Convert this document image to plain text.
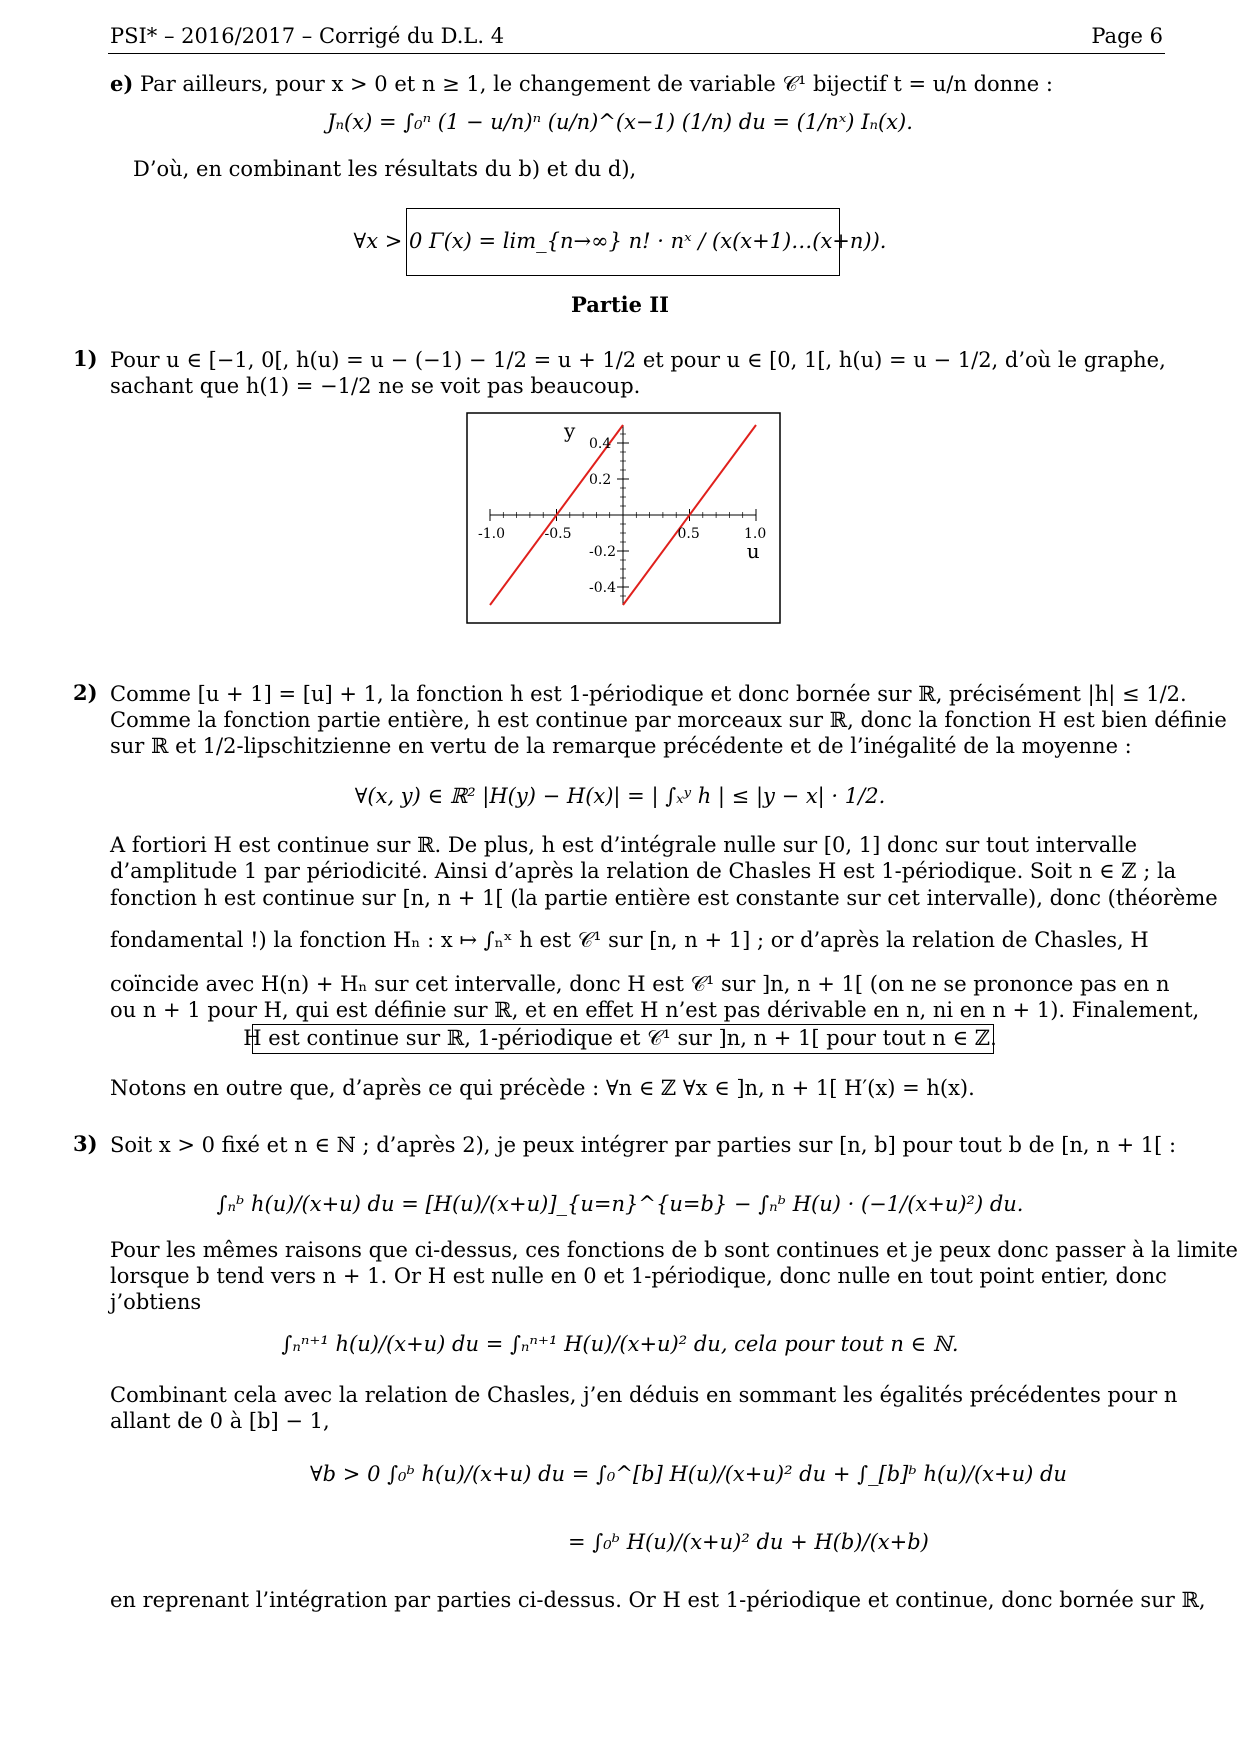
PSI* – 2016/2017 – Corrigé du D.L. 4	Page 6
e) Par ailleurs, pour x > 0 et n ≥ 1, le changement de variable 𝒞¹ bijectif t = u/n donne :
Jₙ(x) = ∫₀ⁿ (1 − u/n)ⁿ (u/n)^(x−1) (1/n) du = (1/nˣ) Iₙ(x).
D’où, en combinant les résultats du b) et du d),
∀x > 0 Γ(x) = lim_{n→∞} n! · nˣ / (x(x+1)…(x+n)).
Partie II
1) Pour u ∈ [−1, 0[, h(u) = u − (−1) − 1/2 = u + 1/2 et pour u ∈ [0, 1[, h(u) = u − 1/2, d’où le graphe,
sachant que h(1) = −1/2 ne se voit pas beaucoup.
-1.0	-0.5	0.5	1.0
0.4
0.2
-0.2
-0.4
u
y
2) Comme [u + 1] = [u] + 1, la fonction h est 1-périodique et donc bornée sur ℝ, précisément |h| ≤ 1/2.
Comme la fonction partie entière, h est continue par morceaux sur ℝ, donc la fonction H est bien définie
sur ℝ et 1/2-lipschitzienne en vertu de la remarque précédente et de l’inégalité de la moyenne :
∀(x, y) ∈ ℝ² |H(y) − H(x)| = | ∫ₓʸ h | ≤ |y − x| · 1/2.
A fortiori H est continue sur ℝ. De plus, h est d’intégrale nulle sur [0, 1] donc sur tout intervalle
d’amplitude 1 par périodicité. Ainsi d’après la relation de Chasles H est 1-périodique. Soit n ∈ ℤ ; la
fonction h est continue sur [n, n + 1[ (la partie entière est constante sur cet intervalle), donc (théorème
fondamental !) la fonction Hₙ : x ↦ ∫ₙˣ h est 𝒞¹ sur [n, n + 1] ; or d’après la relation de Chasles, H
coïncide avec H(n) + Hₙ sur cet intervalle, donc H est 𝒞¹ sur ]n, n + 1[ (on ne se prononce pas en n
ou n + 1 pour H, qui est définie sur ℝ, et en effet H n’est pas dérivable en n, ni en n + 1). Finalement,
H est continue sur ℝ, 1-périodique et 𝒞¹ sur ]n, n + 1[ pour tout n ∈ ℤ.
Notons en outre que, d’après ce qui précède : ∀n ∈ ℤ ∀x ∈ ]n, n + 1[ H′(x) = h(x).
3) Soit x > 0 fixé et n ∈ ℕ ; d’après 2), je peux intégrer par parties sur [n, b] pour tout b de [n, n + 1[ :
∫ₙᵇ h(u)/(x+u) du = [H(u)/(x+u)]_{u=n}^{u=b} − ∫ₙᵇ H(u) · (−1/(x+u)²) du.
Pour les mêmes raisons que ci-dessus, ces fonctions de b sont continues et je peux donc passer à la limite
lorsque b tend vers n + 1. Or H est nulle en 0 et 1-périodique, donc nulle en tout point entier, donc
j’obtiens
∫ₙⁿ⁺¹ h(u)/(x+u) du = ∫ₙⁿ⁺¹ H(u)/(x+u)² du, cela pour tout n ∈ ℕ.
Combinant cela avec la relation de Chasles, j’en déduis en sommant les égalités précédentes pour n
allant de 0 à [b] − 1,
∀b > 0 ∫₀ᵇ h(u)/(x+u) du = ∫₀^[b] H(u)/(x+u)² du + ∫_[b]ᵇ h(u)/(x+u) du
= ∫₀ᵇ H(u)/(x+u)² du + H(b)/(x+b)
en reprenant l’intégration par parties ci-dessus. Or H est 1-périodique et continue, donc bornée sur ℝ,
